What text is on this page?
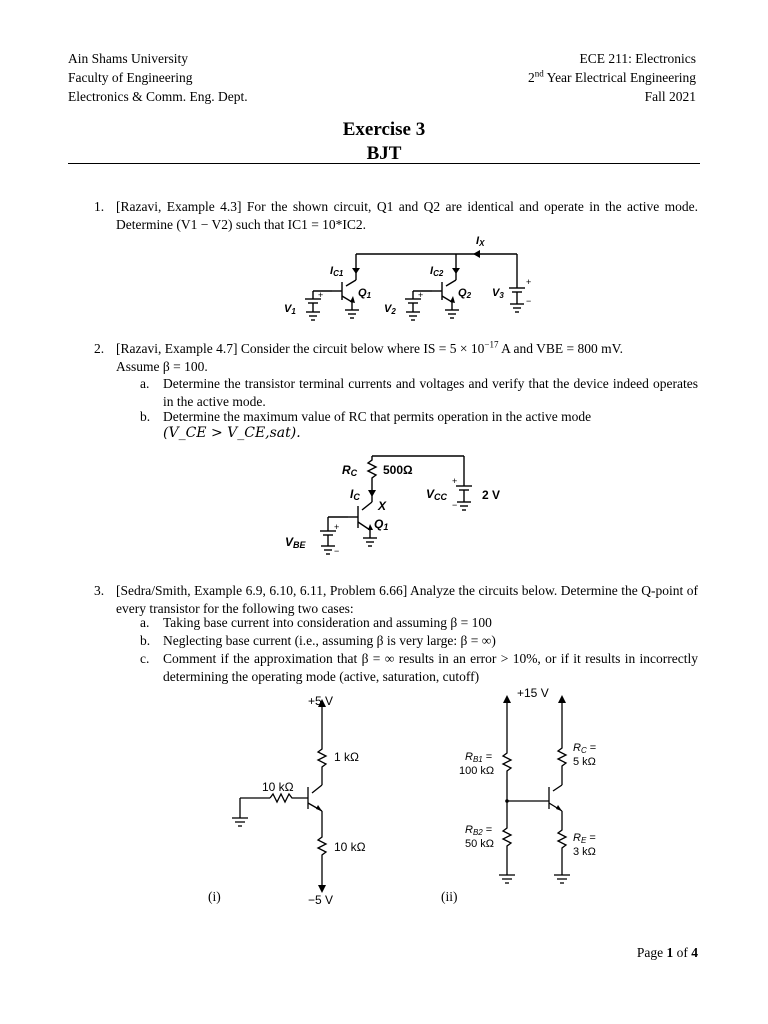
Ain Shams University
Faculty of Engineering
Electronics & Comm. Eng. Dept.
ECE 211: Electronics
2nd Year Electrical Engineering
Fall 2021
Exercise 3
BJT
1. [Razavi, Example 4.3] For the shown circuit, Q1 and Q2 are identical and operate in the active mode. Determine (V1 − V2) such that IC1 = 10*IC2.
IX
IC1	IC2
Q1	Q2
V1	V2
V3
+	+
+
−
2. [Razavi, Example 4.7] Consider the circuit below where IS = $5 \times 10^{-17}$ A and VBE = 800 mV.
Assume β = 100.
a. Determine the transistor terminal currents and voltages and verify that the device indeed operates in the active mode.
b. Determine the maximum value of RC that permits operation in the active mode
(V_CE > V_CE,sat).
RC 500Ω
IC
X
VCC	2 V
VBE
Q1
+
−
+
−
3. [Sedra/Smith, Example 6.9, 6.10, 6.11, Problem 6.66] Analyze the circuits below. Determine the Q-point of every transistor for the following two cases:
a. Taking base current into consideration and assuming β = 100
b. Neglecting base current (i.e., assuming β is very large: β = ∞)
c. Comment if the approximation that β = ∞ results in an error > 10%, or if it results in incorrectly determining the operating mode (active, saturation, cutoff)
+5 V
1 kΩ
10 kΩ
10 kΩ
−5 V
(i)
+15 V
RB1 =
100 kΩ
RB2 =
50 kΩ
RC =
5 kΩ
RE =
3 kΩ
(ii)
Page 1 of 4
